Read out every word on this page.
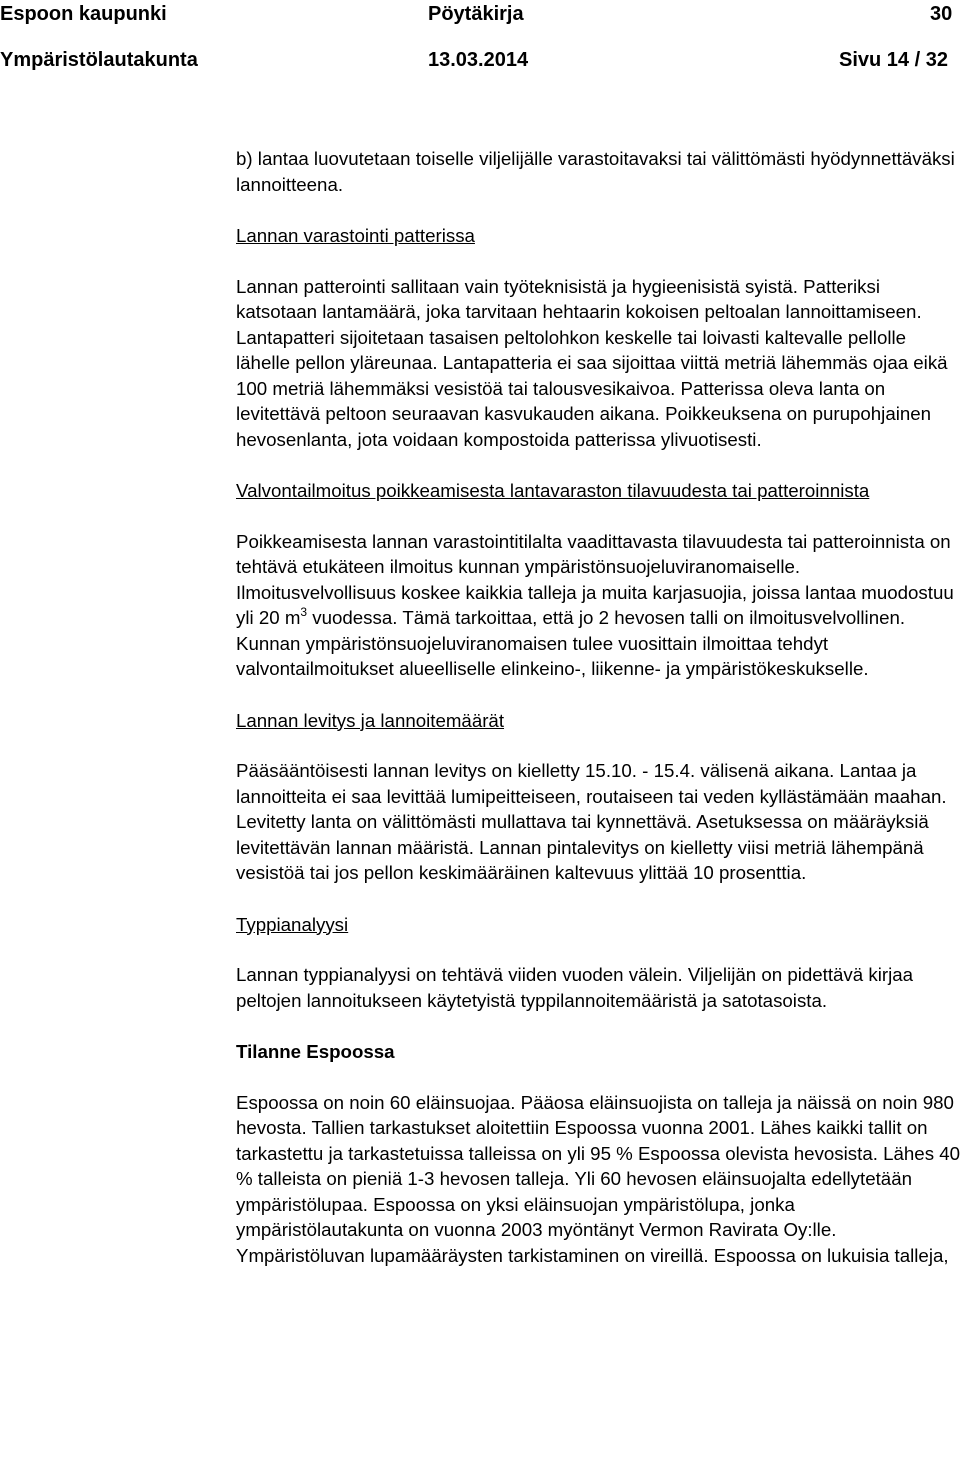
Espoon kaupunki	Pöytäkirja	30
Ympäristölautakunta	13.03.2014	Sivu 14 / 32

b) lantaa luovutetaan toiselle viljelijälle varastoitavaksi tai välittömästi hyödynnettäväksi lannoitteena.

Lannan varastointi patterissa

Lannan patterointi sallitaan vain työteknisistä ja hygieenisistä syistä. Patteriksi katsotaan lantamäärä, joka tarvitaan hehtaarin kokoisen peltoalan lannoittamiseen. Lantapatteri sijoitetaan tasaisen peltolohkon keskelle tai loivasti kaltevalle pellolle lähelle pellon yläreunaa. Lantapatteria ei saa sijoittaa viittä metriä lähemmäs ojaa eikä 100 metriä lähemmäksi vesistöä tai talousvesikaivoa. Patterissa oleva lanta on levitettävä peltoon seuraavan kasvukauden aikana. Poikkeuksena on purupohjainen hevosenlanta, jota voidaan kompostoida patterissa ylivuotisesti.

Valvontailmoitus poikkeamisesta lantavaraston tilavuudesta tai patteroinnista

Poikkeamisesta lannan varastointitilalta vaadittavasta tilavuudesta tai patteroinnista on tehtävä etukäteen ilmoitus kunnan ympäristönsuojeluviranomaiselle. Ilmoitusvelvollisuus koskee kaikkia talleja ja muita karjasuojia, joissa lantaa muodostuu yli 20 $m^3$ vuodessa. Tämä tarkoittaa, että jo 2 hevosen talli on ilmoitusvelvollinen. Kunnan ympäristönsuojeluviranomaisen tulee vuosittain ilmoittaa tehdyt valvontailmoitukset alueelliselle elinkeino-, liikenne- ja ympäristökeskukselle.

Lannan levitys ja lannoitemäärät

Pääsääntöisesti lannan levitys on kielletty 15.10. - 15.4. välisenä aikana. Lantaa ja lannoitteita ei saa levittää lumipeitteiseen, routaiseen tai veden kyllästämään maahan. Levitetty lanta on välittömästi mullattava tai kynnettävä. Asetuksessa on määräyksiä levitettävän lannan määristä. Lannan pintalevitys on kielletty viisi metriä lähempänä vesistöä tai jos pellon keskimääräinen kaltevuus ylittää 10 prosenttia.

Typpianalyysi

Lannan typpianalyysi on tehtävä viiden vuoden välein. Viljelijän on pidettävä kirjaa peltojen lannoitukseen käytetyistä typpilannoitemääristä ja satotasoista.

Tilanne Espoossa

Espoossa on noin 60 eläinsuojaa. Pääosa eläinsuojista on talleja ja näissä on noin 980 hevosta. Tallien tarkastukset aloitettiin Espoossa vuonna 2001. Lähes kaikki tallit on tarkastettu ja tarkastetuissa talleissa on yli 95 % Espoossa olevista hevosista. Lähes 40 % talleista on pieniä 1-3 hevosen talleja. Yli 60 hevosen eläinsuojalta edellytetään ympäristölupaa. Espoossa on yksi eläinsuojan ympäristölupa, jonka ympäristölautakunta on vuonna 2003 myöntänyt Vermon Ravirata Oy:lle. Ympäristöluvan lupamääräysten tarkistaminen on vireillä. Espoossa on lukuisia talleja,
